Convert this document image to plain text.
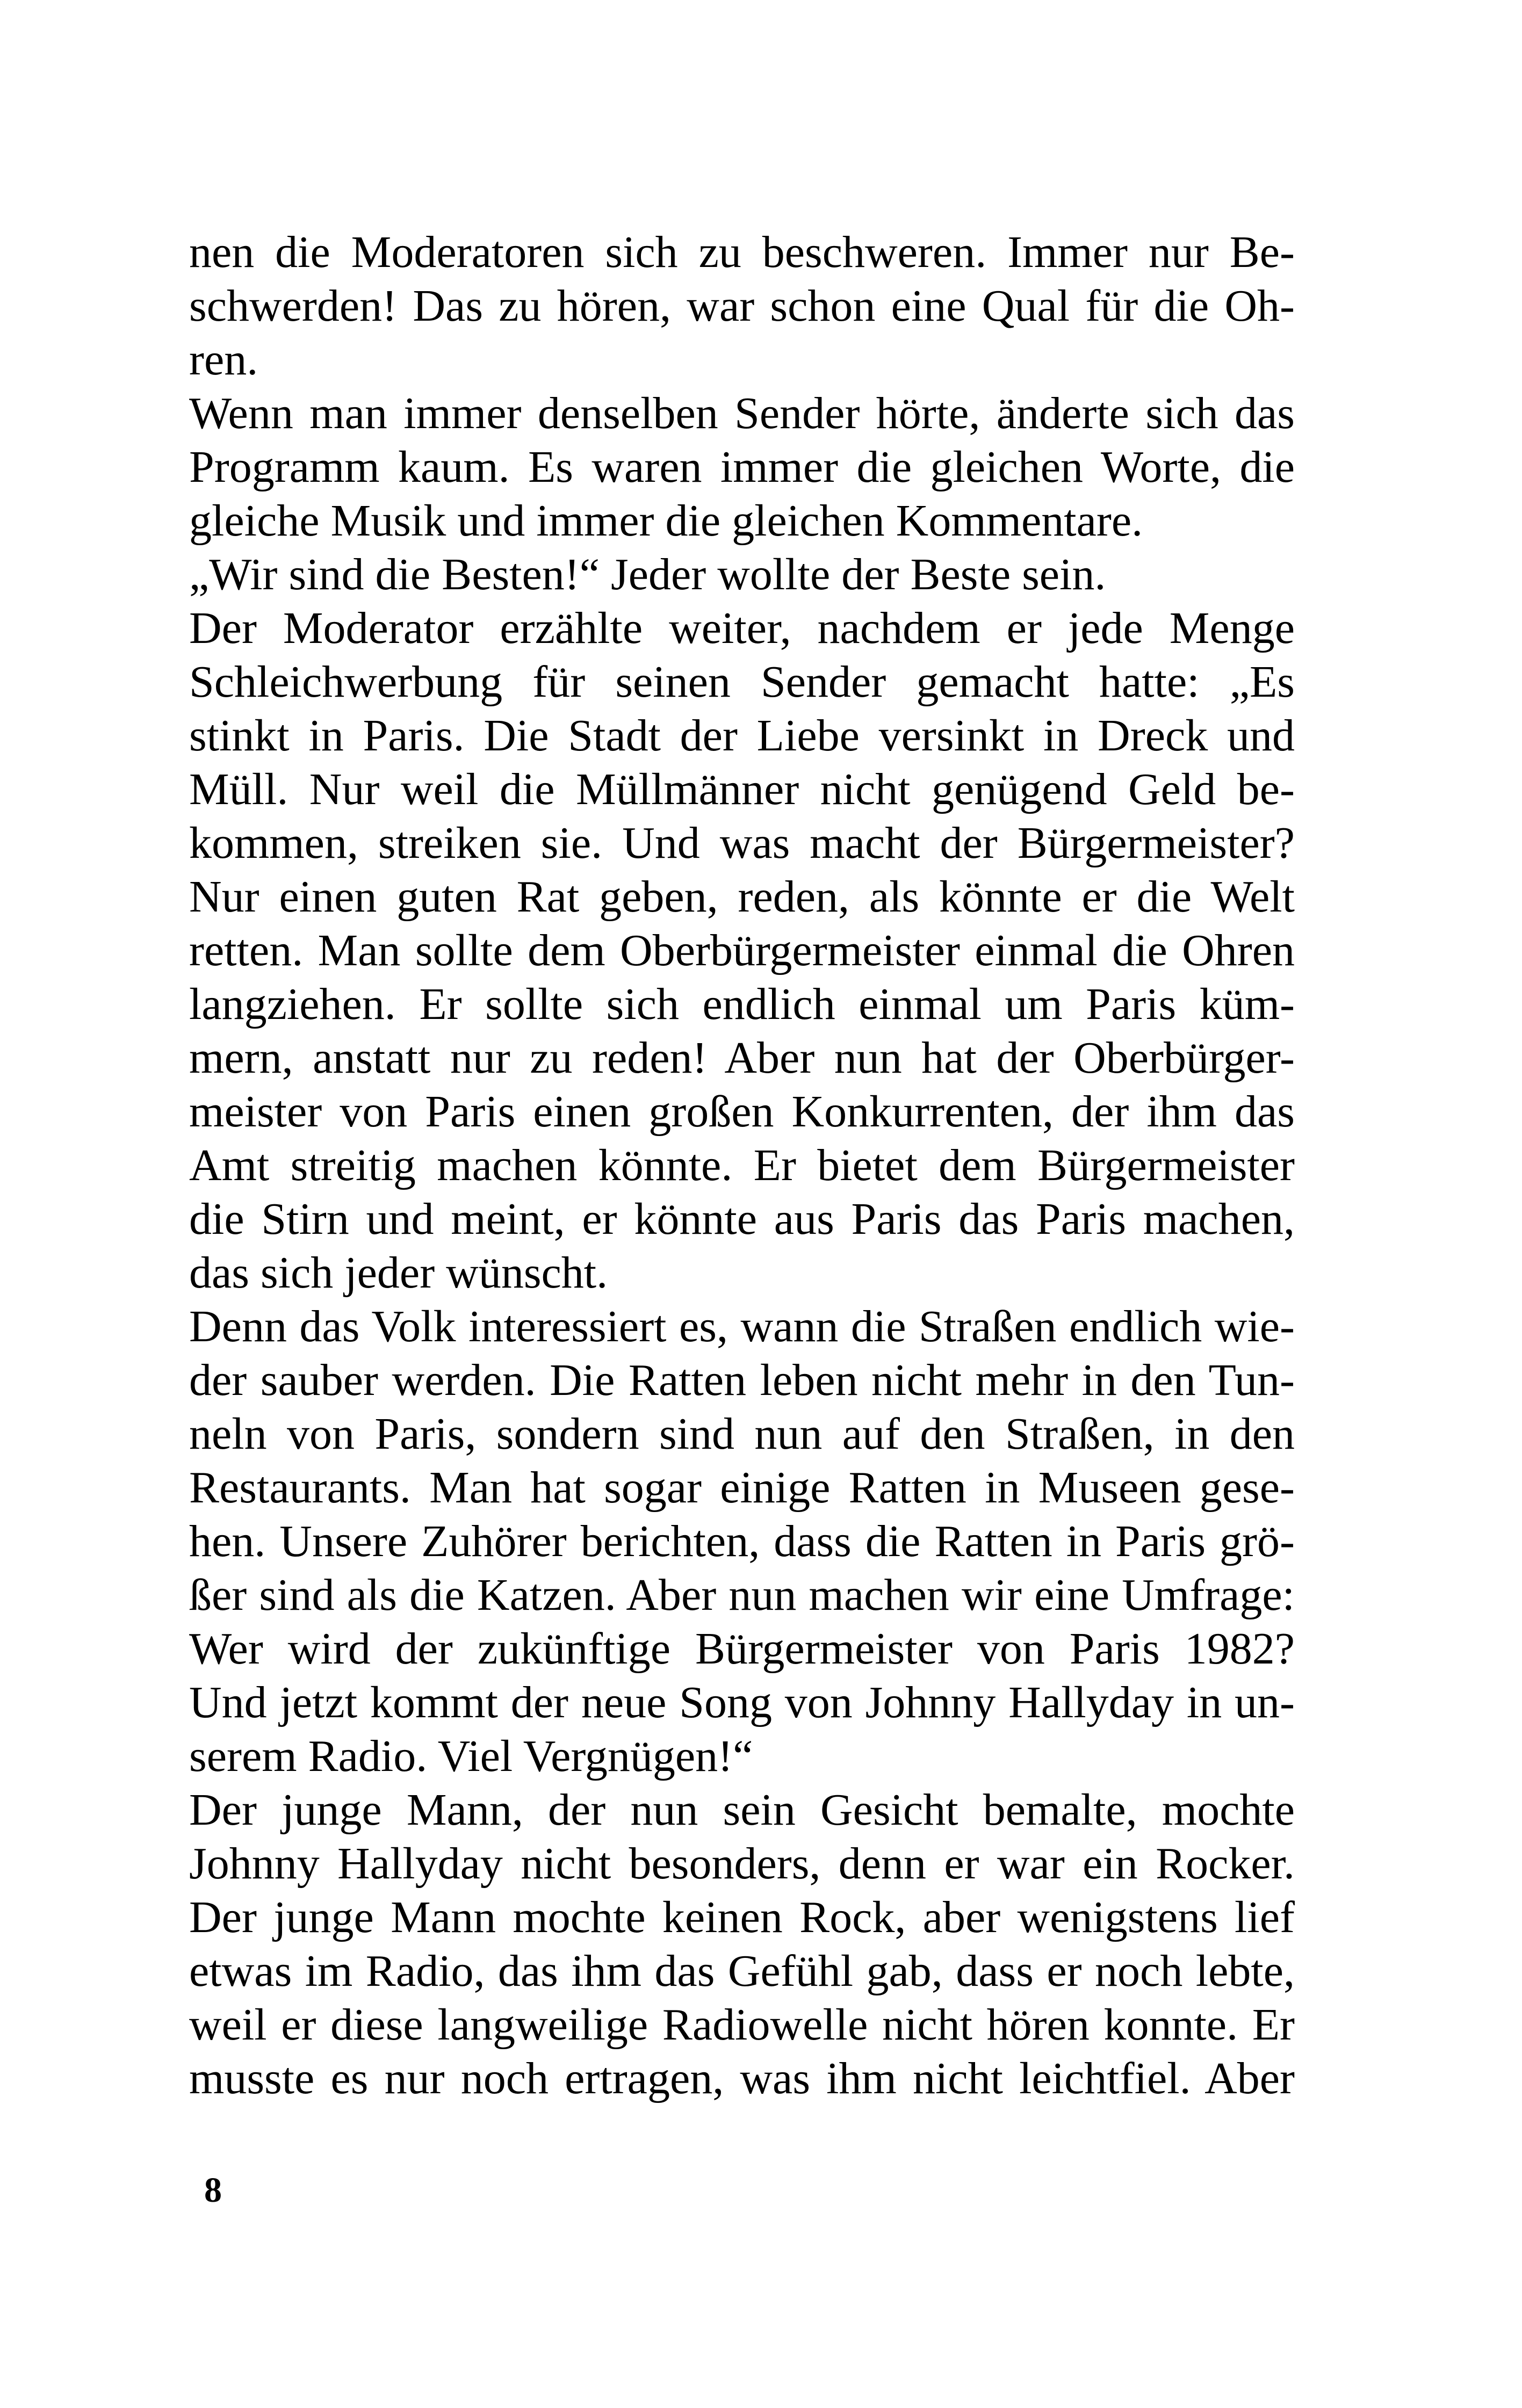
nen die Moderatoren sich zu beschweren. Immer nur Be-
schwerden! Das zu hören, war schon eine Qual für die Oh-
ren.
Wenn man immer denselben Sender hörte, änderte sich das
Programm kaum. Es waren immer die gleichen Worte, die
gleiche Musik und immer die gleichen Kommentare.
„Wir sind die Besten!“ Jeder wollte der Beste sein.
Der Moderator erzählte weiter, nachdem er jede Menge
Schleichwerbung für seinen Sender gemacht hatte: „Es
stinkt in Paris. Die Stadt der Liebe versinkt in Dreck und
Müll. Nur weil die Müllmänner nicht genügend Geld be-
kommen, streiken sie. Und was macht der Bürgermeister?
Nur einen guten Rat geben, reden, als könnte er die Welt
retten. Man sollte dem Oberbürgermeister einmal die Ohren
langziehen. Er sollte sich endlich einmal um Paris küm-
mern, anstatt nur zu reden! Aber nun hat der Oberbürger-
meister von Paris einen großen Konkurrenten, der ihm das
Amt streitig machen könnte. Er bietet dem Bürgermeister
die Stirn und meint, er könnte aus Paris das Paris machen,
das sich jeder wünscht.
Denn das Volk interessiert es, wann die Straßen endlich wie-
der sauber werden. Die Ratten leben nicht mehr in den Tun-
neln von Paris, sondern sind nun auf den Straßen, in den
Restaurants. Man hat sogar einige Ratten in Museen gese-
hen. Unsere Zuhörer berichten, dass die Ratten in Paris grö-
ßer sind als die Katzen. Aber nun machen wir eine Umfrage:
Wer wird der zukünftige Bürgermeister von Paris 1982?
Und jetzt kommt der neue Song von Johnny Hallyday in un-
serem Radio. Viel Vergnügen!“
Der junge Mann, der nun sein Gesicht bemalte, mochte
Johnny Hallyday nicht besonders, denn er war ein Rocker.
Der junge Mann mochte keinen Rock, aber wenigstens lief
etwas im Radio, das ihm das Gefühl gab, dass er noch lebte,
weil er diese langweilige Radiowelle nicht hören konnte. Er
musste es nur noch ertragen, was ihm nicht leichtfiel. Aber
8
